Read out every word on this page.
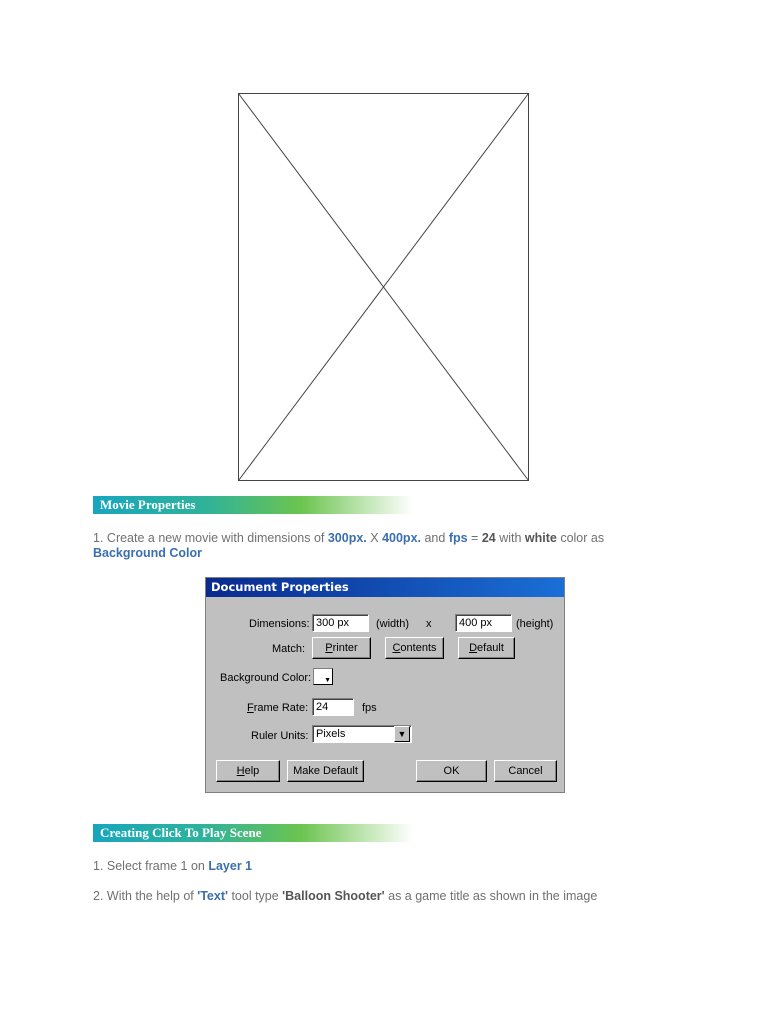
Movie Properties
1. Create a new movie with dimensions of 300px. X 400px. and fps = 24 with white color as
Background Color
Document Properties
Dimensions: 300 px	(width) x	400 px	(height)
Match:	Printer	Contents	Default
Background Color: ▼
Frame Rate: 24	fps
Ruler Units: Pixels	▼
Help	Make Default	OK	Cancel
Creating Click To Play Scene
1. Select frame 1 on Layer 1
2. With the help of 'Text' tool type 'Balloon Shooter' as a game title as shown in the image
